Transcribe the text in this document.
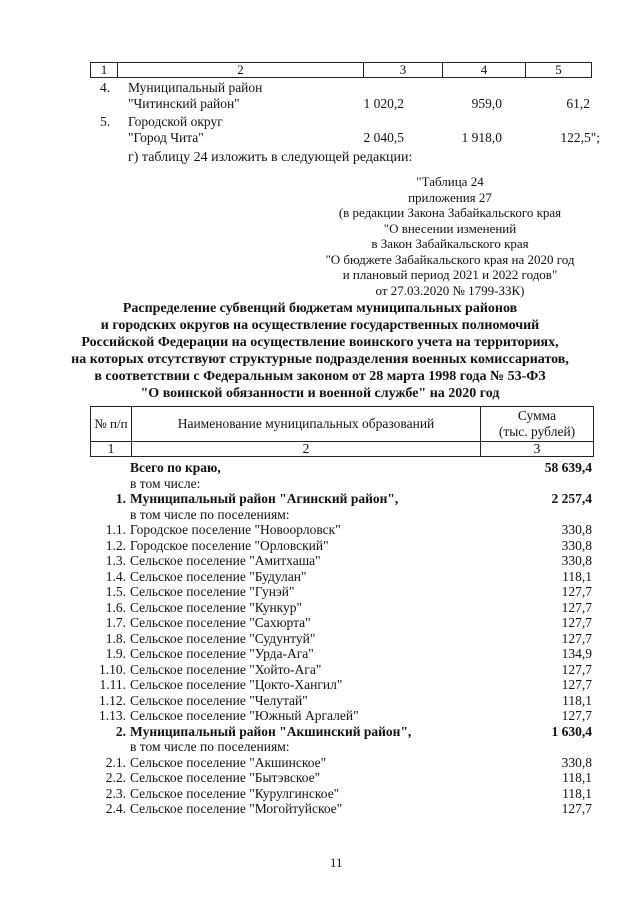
1	2	3	4	5
4. Муниципальный район
"Читинский район"	1 020,2	959,0	61,2
5. Городской округ
"Город Чита"	2 040,5	1 918,0	122,5";
г) таблицу 24 изложить в следующей редакции:
"Таблица 24
приложения 27
(в редакции Закона Забайкальского края
"О внесении изменений
в Закон Забайкальского края
"О бюджете Забайкальского края на 2020 год
и плановый период 2021 и 2022 годов"
от 27.03.2020 № 1799-ЗЗК)
Распределение субвенций бюджетам муниципальных районов
и городских округов на осуществление государственных полномочий
Российской Федерации на осуществление воинского учета на территориях,
на которых отсутствуют структурные подразделения военных комиссариатов,
в соответствии с Федеральным законом от 28 марта 1998 года № 53-ФЗ
"О воинской обязанности и военной службе" на 2020 год
№ п/п	Наименование муниципальных образований
Сумма
(тыс. рублей)
1	2	3
Всего по краю,	58 639,4
в том числе:
1. Муниципальный район "Агинский район",	2 257,4
в том числе по поселениям:
1.1. Городское поселение "Новоорловск"	330,8
1.2. Городское поселение "Орловский"	330,8
1.3. Сельское поселение "Амитхаша"	330,8
1.4. Сельское поселение "Будулан"	118,1
1.5. Сельское поселение "Гунэй"	127,7
1.6. Сельское поселение "Кункур"	127,7
1.7. Сельское поселение "Сахюрта"	127,7
1.8. Сельское поселение "Судунтуй"	127,7
1.9. Сельское поселение "Урда-Ага"	134,9
1.10. Сельское поселение "Хойто-Ага"	127,7
1.11. Сельское поселение "Цокто-Хангил"	127,7
1.12. Сельское поселение "Челутай"	118,1
1.13. Сельское поселение "Южный Аргалей"	127,7
2. Муниципальный район "Акшинский район",	1 630,4
в том числе по поселениям:
2.1. Сельское поселение "Акшинское"	330,8
2.2. Сельское поселение "Бытэвское"	118,1
2.3. Сельское поселение "Курулгинское"	118,1
2.4. Сельское поселение "Могойтуйское"	127,7
11
